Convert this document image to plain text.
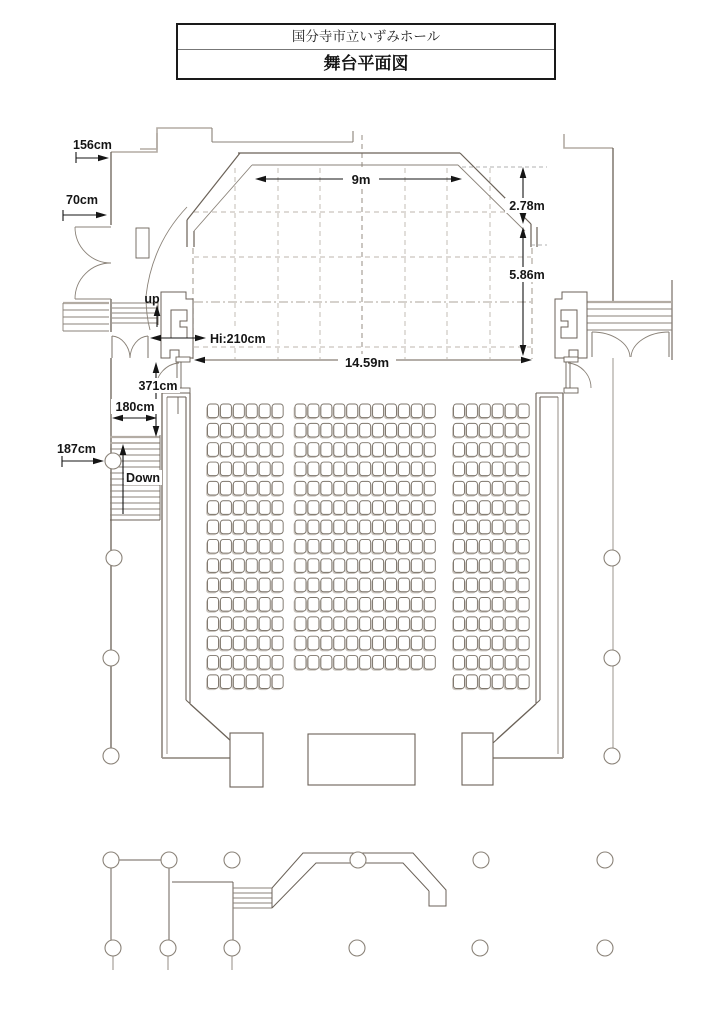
国分寺市立いずみホール
舞台平面図
9m
14.59m
2.78m
5.86m
Hi:210cm
156cm
70cm
371cm
180cm
187cm
up
Down
